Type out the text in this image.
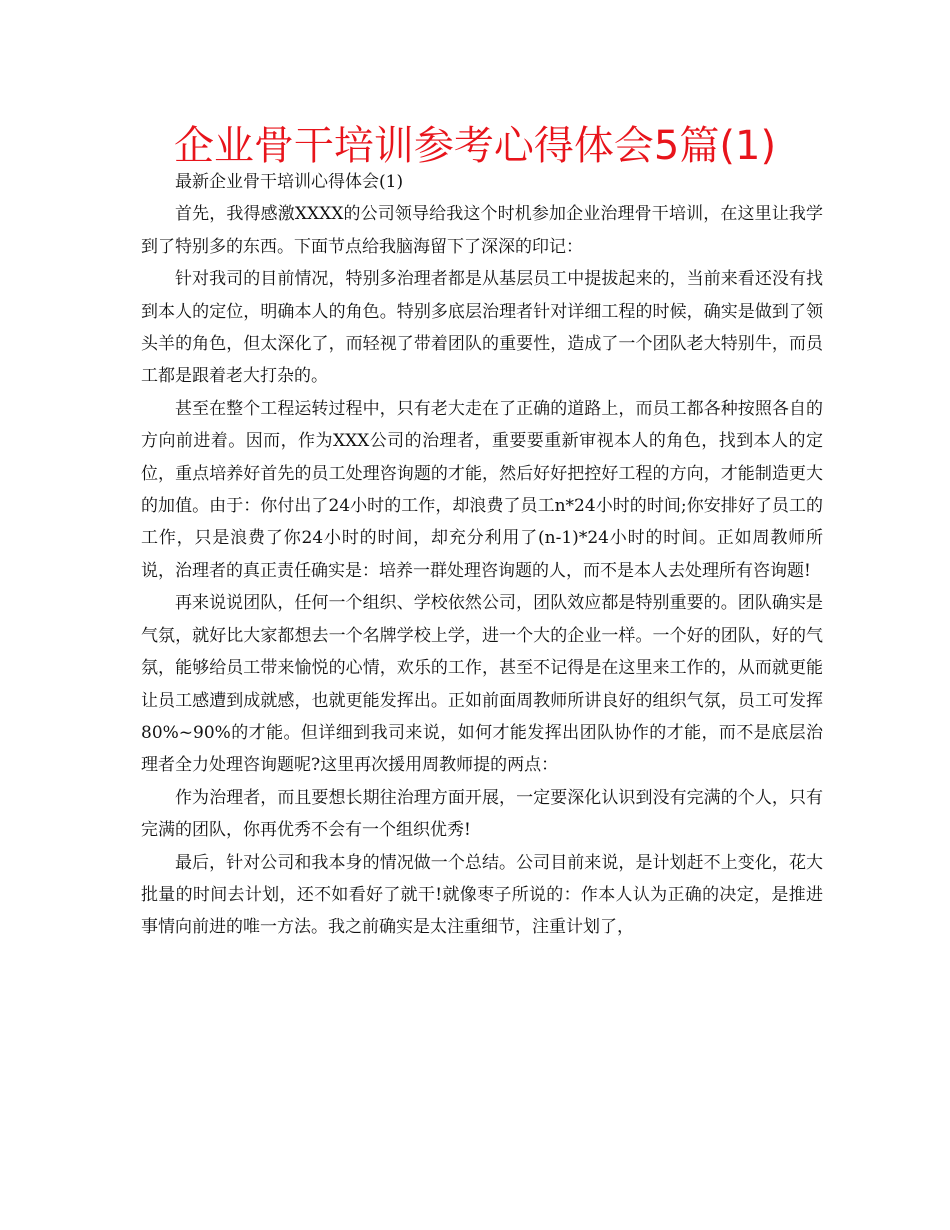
企业骨干培训参考心得体会5篇(1)

最新企业骨干培训心得体会(1)

首先，我得感激XXXX的公司领导给我这个时机参加企业治理骨干培训，在这里让我学到了特别多的东西。下面节点给我脑海留下了深深的印记：

针对我司的目前情况，特别多治理者都是从基层员工中提拔起来的，当前来看还没有找到本人的定位，明确本人的角色。特别多底层治理者针对详细工程的时候，确实是做到了领头羊的角色，但太深化了，而轻视了带着团队的重要性，造成了一个团队老大特别牛，而员工都是跟着老大打杂的。

甚至在整个工程运转过程中，只有老大走在了正确的道路上，而员工都各种按照各自的方向前进着。因而，作为XXX公司的治理者，重要要重新审视本人的角色，找到本人的定位，重点培养好首先的员工处理咨询题的才能，然后好好把控好工程的方向，才能制造更大的加值。由于：你付出了24小时的工作，却浪费了员工n*24小时的时间;你安排好了员工的工作，只是浪费了你24小时的时间，却充分利用了(n-1)*24小时的时间。正如周教师所说，治理者的真正责任确实是：培养一群处理咨询题的人，而不是本人去处理所有咨询题!

再来说说团队，任何一个组织、学校依然公司，团队效应都是特别重要的。团队确实是气氛，就好比大家都想去一个名牌学校上学，进一个大的企业一样。一个好的团队，好的气氛，能够给员工带来愉悦的心情，欢乐的工作，甚至不记得是在这里来工作的，从而就更能让员工感遭到成就感，也就更能发挥出。正如前面周教师所讲良好的组织气氛，员工可发挥80%~90%的才能。但详细到我司来说，如何才能发挥出团队协作的才能，而不是底层治理者全力处理咨询题呢?这里再次援用周教师提的两点：

作为治理者，而且要想长期往治理方面开展，一定要深化认识到没有完满的个人，只有完满的团队，你再优秀不会有一个组织优秀!

最后，针对公司和我本身的情况做一个总结。公司目前来说，是计划赶不上变化，花大批量的时间去计划，还不如看好了就干!就像枣子所说的：作本人认为正确的决定，是推进事情向前进的唯一方法。我之前确实是太注重细节，注重计划了，
